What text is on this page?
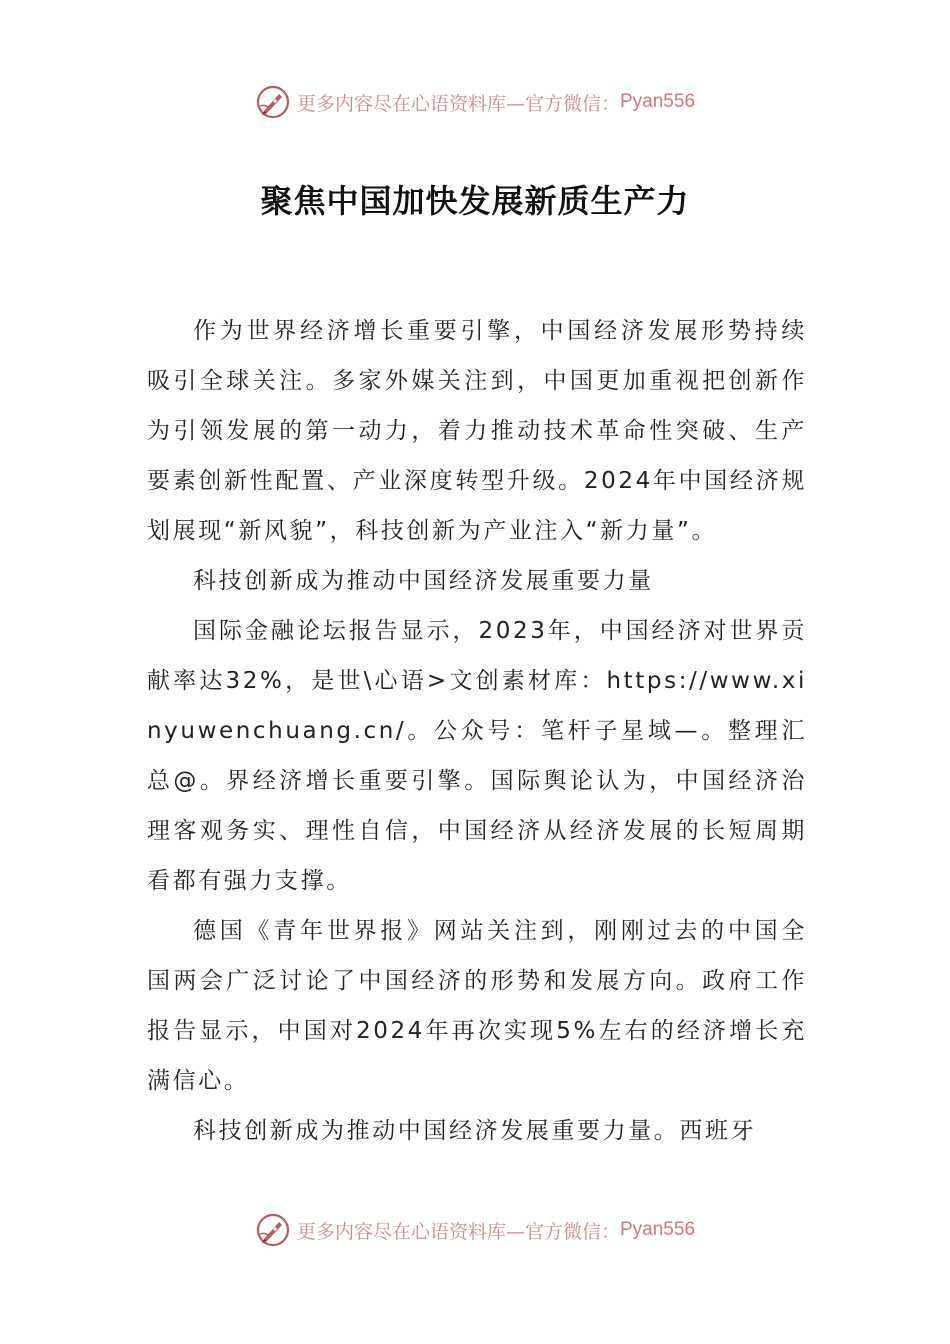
更多内容尽在心语资料库—官方微信： Pyan556
聚焦中国加快发展新质生产力

作为世界经济增长重要引擎，中国经济发展形势持续吸引全球关注。多家外媒关注到，中国更加重视把创新作为引领发展的第一动力，着力推动技术革命性突破、生产要素创新性配置、产业深度转型升级。2024年中国经济规划展现“新风貌”，科技创新为产业注入“新力量”。

科技创新成为推动中国经济发展重要力量

国际金融论坛报告显示，2023年，中国经济对世界贡献率达32%，是世\心语>文创素材库：https://www.xinyuwenchuang.cn/。公众号：笔杆子星域—。整理汇总@。界经济增长重要引擎。国际舆论认为，中国经济治理客观务实、理性自信，中国经济从经济发展的长短周期看都有强力支撑。

德国《青年世界报》网站关注到，刚刚过去的中国全国两会广泛讨论了中国经济的形势和发展方向。政府工作报告显示，中国对2024年再次实现5%左右的经济增长充满信心。

科技创新成为推动中国经济发展重要力量。西班牙

更多内容尽在心语资料库—官方微信： Pyan556
